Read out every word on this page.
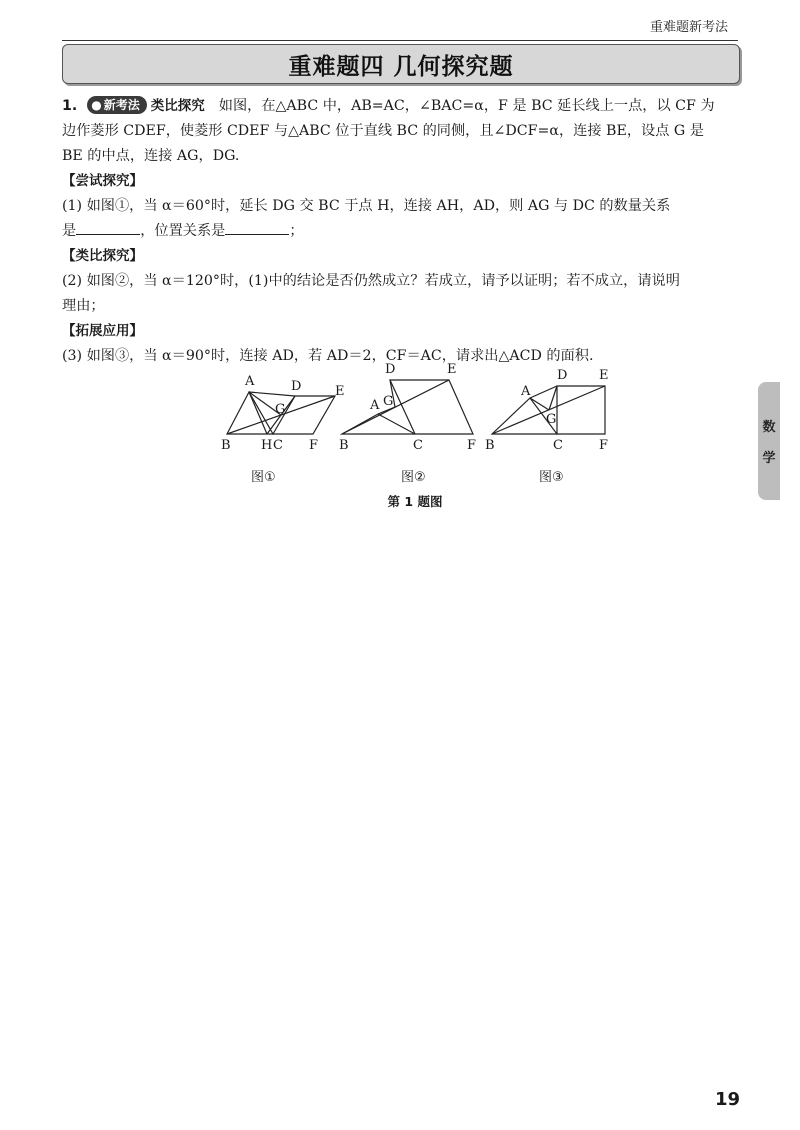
重难题新考法
重难题四 几何探究题

1. ● 新考法 类比探究 如图，在△ABC 中，AB=AC，∠BAC=α，F 是 BC 延长线上一点，以 CF 为

边作菱形 CDEF，使菱形 CDEF 与△ABC 位于直线 BC 的同侧，且∠DCF=α，连接 BE，设点 G 是

BE 的中点，连接 AG，DG.

【尝试探究】

(1) 如图①，当 α＝60°时，延长 DG 交 BC 于点 H，连接 AH，AD，则 AG 与 DC 的数量关系

是	，位置关系是	；

【类比探究】

(2) 如图②，当 α＝120°时，(1)中的结论是否仍然成立？若成立，请予以证明；若不成立，请说明

理由；

【拓展应用】

(3) 如图③，当 α＝90°时，连接 AD，若 AD＝2，CF＝AC，请求出△ACD 的面积.

A	D	E
G
B H C F
D	E
A G
B	C	F
A
D E
G
B	C	F
图①	图②	图③
第 1 题图
数
学
19
